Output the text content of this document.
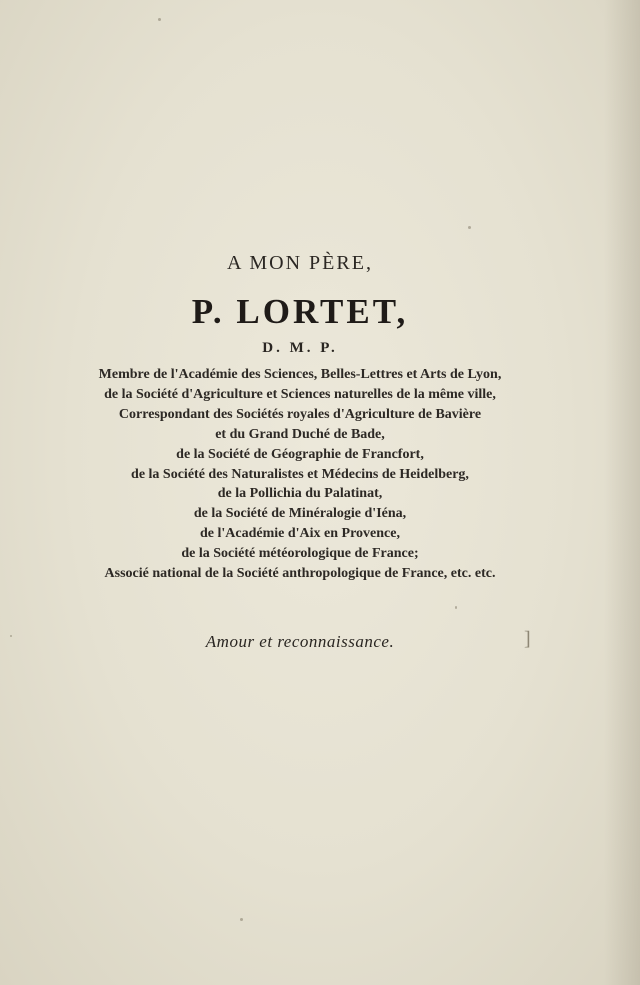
A MON PÈRE,
P. LORTET,
D. M. P.
Membre de l'Académie des Sciences, Belles-Lettres et Arts de Lyon,
de la Société d'Agriculture et Sciences naturelles de la même ville,
Correspondant des Sociétés royales d'Agriculture de Bavière
et du Grand Duché de Bade,
de la Société de Géographie de Francfort,
de la Société des Naturalistes et Médecins de Heidelberg,
de la Pollichia du Palatinat,
de la Société de Minéralogie d'Iéna,
de l'Académie d'Aix en Provence,
de la Société météorologique de France;
Associé national de la Société anthropologique de France, etc. etc.
Amour et reconnaissance.	]
